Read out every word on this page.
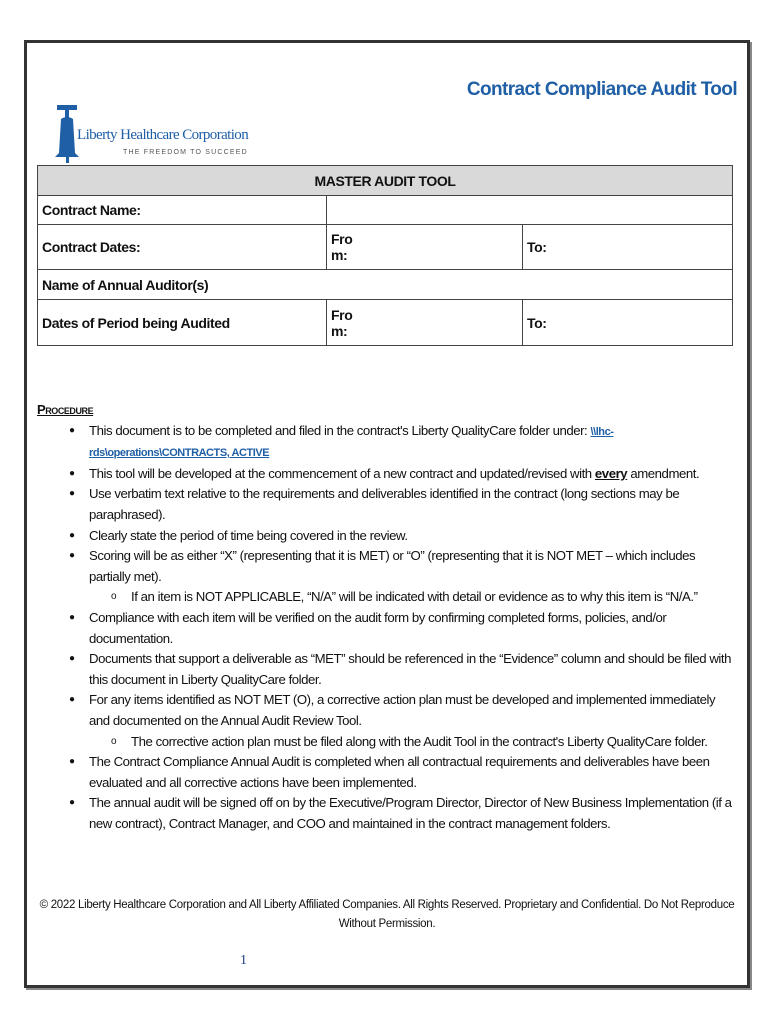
Contract Compliance Audit Tool
Liberty Healthcare Corporation
THE FREEDOM TO SUCCEED
MASTER AUDIT TOOL		
Contract Name:		
Contract Dates:	From:	To:
Name of Annual Auditor(s)		
Dates of Period being Audited	From:	To:
Procedure
● This document is to be completed and filed in the contract's Liberty QualityCare folder under: \\lhc-rds\operations\CONTRACTS, ACTIVE
● This tool will be developed at the commencement of a new contract and updated/revised with every amendment.
● Use verbatim text relative to the requirements and deliverables identified in the contract (long sections may be paraphrased).
● Clearly state the period of time being covered in the review.
● Scoring will be as either “X” (representing that it is MET) or “O” (representing that it is NOT MET – which includes partially met).
o If an item is NOT APPLICABLE, “N/A” will be indicated with detail or evidence as to why this item is “N/A.”
● Compliance with each item will be verified on the audit form by confirming completed forms, policies, and/or documentation.
● Documents that support a deliverable as “MET” should be referenced in the “Evidence” column and should be filed with this document in Liberty QualityCare folder.
● For any items identified as NOT MET (O), a corrective action plan must be developed and implemented immediately and documented on the Annual Audit Review Tool.
o The corrective action plan must be filed along with the Audit Tool in the contract's Liberty QualityCare folder.
● The Contract Compliance Annual Audit is completed when all contractual requirements and deliverables have been evaluated and all corrective actions have been implemented.
● The annual audit will be signed off on by the Executive/Program Director, Director of New Business Implementation (if a new contract), Contract Manager, and COO and maintained in the contract management folders.
© 2022 Liberty Healthcare Corporation and All Liberty Affiliated Companies. All Rights Reserved. Proprietary and Confidential. Do Not Reproduce Without Permission.
1
